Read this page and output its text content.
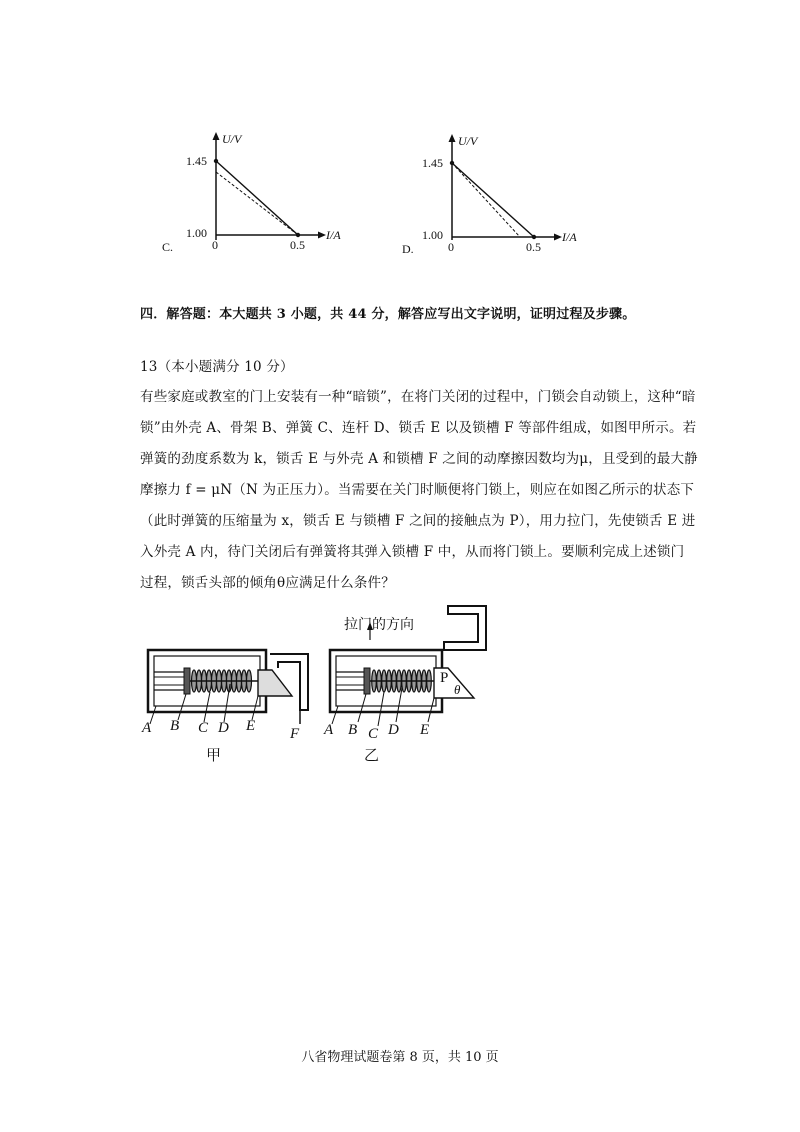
U/V
1.45
1.00
0	0.5
I/A
C.
U/V
1.45
1.00
0	0.5
I/A
D.
四．解答题：本大题共 3 小题，共 44 分，解答应写出文字说明，证明过程及步骤。
13（本小题满分 10 分）
有些家庭或教室的门上安装有一种“暗锁”，在将门关闭的过程中，门锁会自动锁上，这种“暗
锁”由外壳 A、骨架 B、弹簧 C、连杆 D、锁舌 E 以及锁槽 F 等部件组成，如图甲所示。若
弹簧的劲度系数为 k，锁舌 E 与外壳 A 和锁槽 F 之间的动摩擦因数均为μ，且受到的最大静
摩擦力 f = μN（N 为正压力）。当需要在关门时顺便将门锁上，则应在如图乙所示的状态下
（此时弹簧的压缩量为 x，锁舌 E 与锁槽 F 之间的接触点为 P），用力拉门，先使锁舌 E 进
入外壳 A 内，待门关闭后有弹簧将其弹入锁槽 F 中，从而将门锁上。要顺利完成上述锁门
过程，锁舌头部的倾角θ应满足什么条件？
A B C D E F
甲
拉门的方向
P
θ
A B C D E
乙
八省物理试题卷第 8 页，共 10 页
